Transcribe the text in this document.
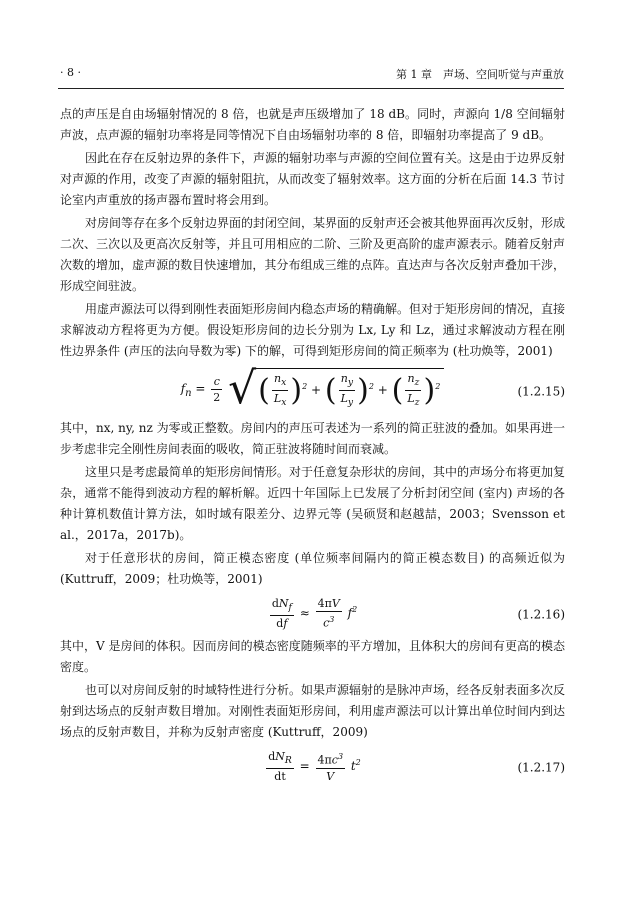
· 8 ·	第 1 章　声场、空间听觉与声重放

点的声压是自由场辐射情况的 8 倍，也就是声压级增加了 18 dB。同时，声源向 1/8 空间辐射声波，点声源的辐射功率将是同等情况下自由场辐射功率的 8 倍，即辐射功率提高了 9 dB。

因此在存在反射边界的条件下，声源的辐射功率与声源的空间位置有关。这是由于边界反射对声源的作用，改变了声源的辐射阻抗，从而改变了辐射效率。这方面的分析在后面 14.3 节讨论室内声重放的扬声器布置时将会用到。

对房间等存在多个反射边界面的封闭空间，某界面的反射声还会被其他界面再次反射，形成二次、三次以及更高次反射等，并且可用相应的二阶、三阶及更高阶的虚声源表示。随着反射声次数的增加，虚声源的数目快速增加，其分布组成三维的点阵。直达声与各次反射声叠加干涉，形成空间驻波。

用虚声源法可以得到刚性表面矩形房间内稳态声场的精确解。但对于矩形房间的情况，直接求解波动方程将更为方便。假设矩形房间的边长分别为 Lx, Ly 和 Lz，通过求解波动方程在刚性边界条件 (声压的法向导数为零) 下的解，可得到矩形房间的简正频率为 (杜功焕等，2001)

$f_n = \frac{c}{2}$ √( $\frac{n_x}{L_x} )^2$ + ( $\frac{n_y}{L_y} )^2$ + ( $\frac{n_z}{L_z} )^2$	(1.2.15)

其中，nx, ny, nz 为零或正整数。房间内的声压可表述为一系列的简正驻波的叠加。如果再进一步考虑非完全刚性房间表面的吸收，简正驻波将随时间而衰减。

这里只是考虑最简单的矩形房间情形。对于任意复杂形状的房间，其中的声场分布将更加复杂，通常不能得到波动方程的解析解。近四十年国际上已发展了分析封闭空间 (室内) 声场的各种计算机数值计算方法，如时域有限差分、边界元等 (吴硕贤和赵越喆，2003；Svensson et al.，2017a，2017b)。

对于任意形状的房间，简正模态密度 (单位频率间隔内的简正模态数目) 的高频近似为 (Kuttruff，2009；杜功焕等，2001)

$\frac{dN_f}{df} \approx \frac{4\pi V}{c^3} f^2$	(1.2.16)

其中，V 是房间的体积。因而房间的模态密度随频率的平方增加，且体积大的房间有更高的模态密度。

也可以对房间反射的时域特性进行分析。如果声源辐射的是脉冲声场，经各反射表面多次反射到达场点的反射声数目增加。对刚性表面矩形房间，利用虚声源法可以计算出单位时间内到达场点的反射声数目，并称为反射声密度 (Kuttruff，2009)

$\frac{dN_R}{dt} = \frac{4\pi c^3}{V} t^2$	(1.2.17)
